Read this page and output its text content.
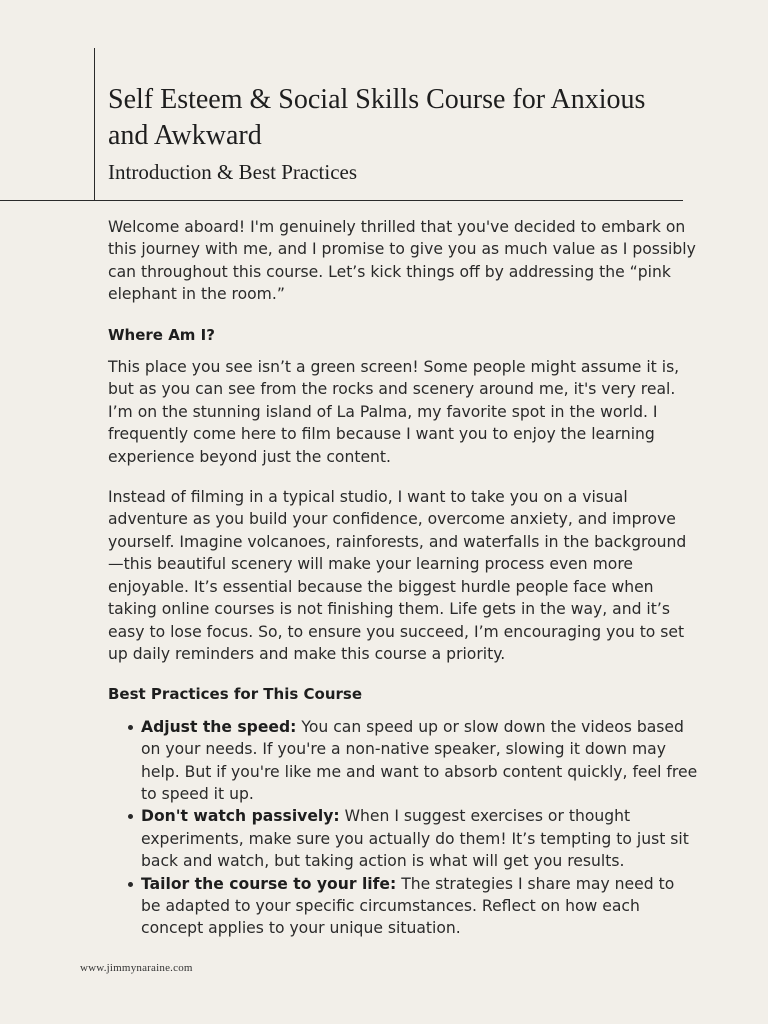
Self Esteem & Social Skills Course for Anxious and Awkward
Introduction & Best Practices

Welcome aboard! I'm genuinely thrilled that you've decided to embark on this journey with me, and I promise to give you as much value as I possibly can throughout this course. Let’s kick things off by addressing the “pink elephant in the room.”

Where Am I?

This place you see isn’t a green screen! Some people might assume it is, but as you can see from the rocks and scenery around me, it's very real. I’m on the stunning island of La Palma, my favorite spot in the world. I frequently come here to film because I want you to enjoy the learning experience beyond just the content.

Instead of filming in a typical studio, I want to take you on a visual adventure as you build your confidence, overcome anxiety, and improve yourself. Imagine volcanoes, rainforests, and waterfalls in the background—this beautiful scenery will make your learning process even more enjoyable. It’s essential because the biggest hurdle people face when taking online courses is not finishing them. Life gets in the way, and it’s easy to lose focus. So, to ensure you succeed, I’m encouraging you to set up daily reminders and make this course a priority.

Best Practices for This Course

Adjust the speed: You can speed up or slow down the videos based on your needs. If you're a non-native speaker, slowing it down may help. But if you're like me and want to absorb content quickly, feel free to speed it up.
Don't watch passively: When I suggest exercises or thought experiments, make sure you actually do them! It’s tempting to just sit back and watch, but taking action is what will get you results.
Tailor the course to your life: The strategies I share may need to be adapted to your specific circumstances. Reflect on how each concept applies to your unique situation.
www.jimmynaraine.com
